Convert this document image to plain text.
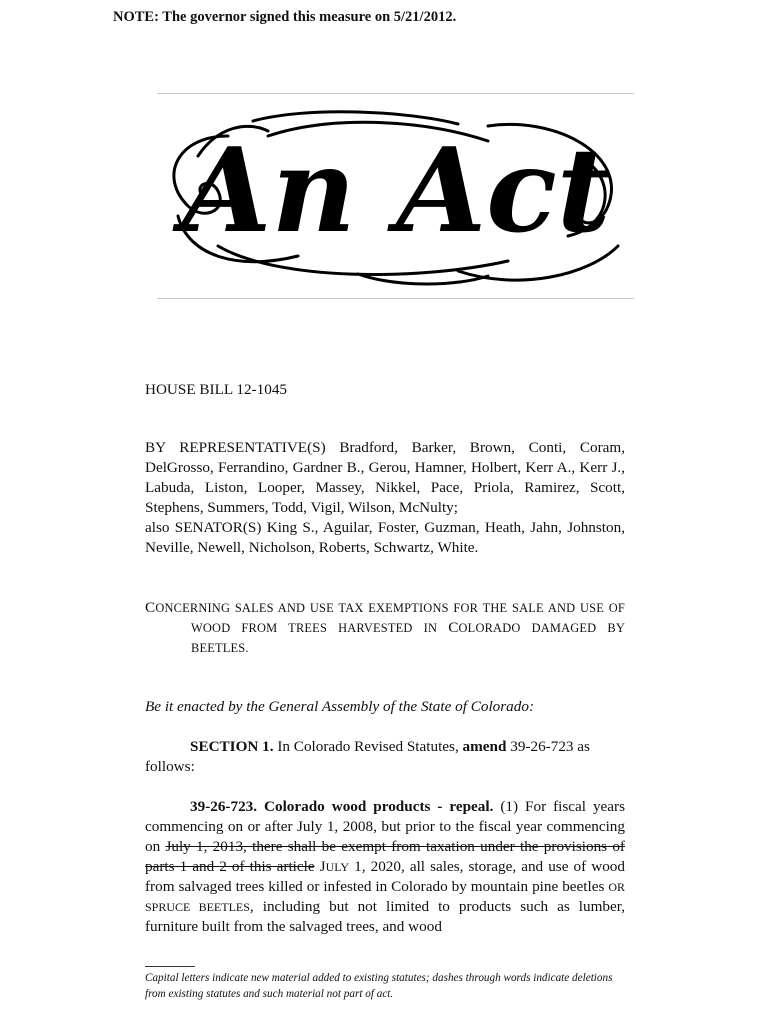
NOTE: The governor signed this measure on 5/21/2012.
An Act
HOUSE BILL 12-1045
BY REPRESENTATIVE(S) Bradford, Barker, Brown, Conti, Coram, DelGrosso, Ferrandino, Gardner B., Gerou, Hamner, Holbert, Kerr A., Kerr J., Labuda, Liston, Looper, Massey, Nikkel, Pace, Priola, Ramirez, Scott, Stephens, Summers, Todd, Vigil, Wilson, McNulty;
also SENATOR(S) King S., Aguilar, Foster, Guzman, Heath, Jahn, Johnston, Neville, Newell, Nicholson, Roberts, Schwartz, White.
CONCERNING SALES AND USE TAX EXEMPTIONS FOR THE SALE AND USE OF
WOOD FROM TREES HARVESTED IN COLORADO DAMAGED BY
BEETLES.
Be it enacted by the General Assembly of the State of Colorado:
SECTION 1. In Colorado Revised Statutes, amend 39-26-723 as follows:
39-26-723. Colorado wood products - repeal. (1) For fiscal years commencing on or after July 1, 2008, but prior to the fiscal year commencing on July 1, 2013, there shall be exempt from taxation under the provisions of parts 1 and 2 of this article JULY 1, 2020, all sales, storage, and use of wood from salvaged trees killed or infested in Colorado by mountain pine beetles OR SPRUCE BEETLES, including but not limited to products such as lumber, furniture built from the salvaged trees, and wood
Capital letters indicate new material added to existing statutes; dashes through words indicate deletions from existing statutes and such material not part of act.
